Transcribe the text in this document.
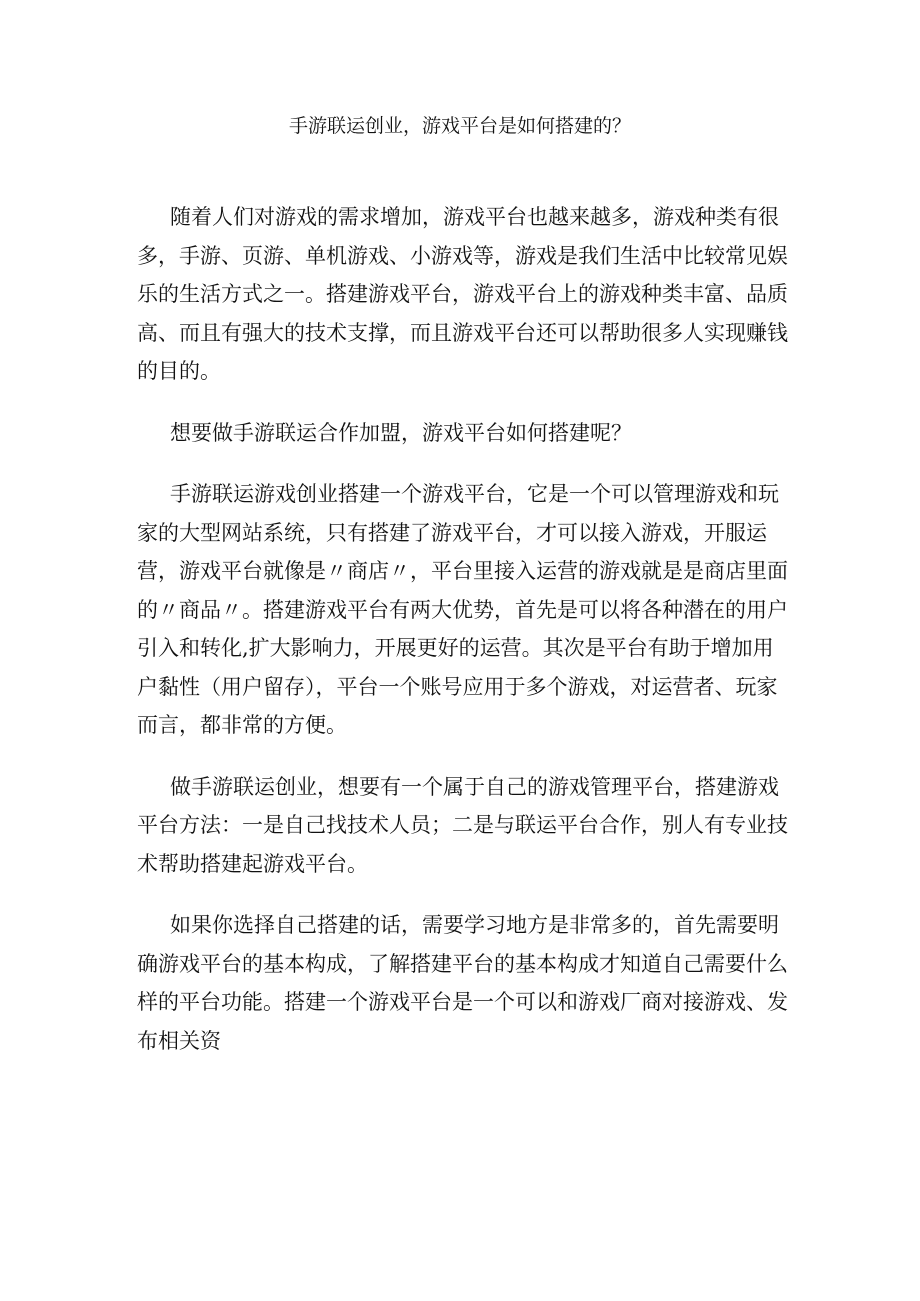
手游联运创业，游戏平台是如何搭建的？

随着人们对游戏的需求增加，游戏平台也越来越多，游戏种类有很多，手游、页游、单机游戏、小游戏等，游戏是我们生活中比较常见娱乐的生活方式之一。搭建游戏平台，游戏平台上的游戏种类丰富、品质高、而且有强大的技术支撑，而且游戏平台还可以帮助很多人实现赚钱的目的。

想要做手游联运合作加盟，游戏平台如何搭建呢？

手游联运游戏创业搭建一个游戏平台，它是一个可以管理游戏和玩家的大型网站系统，只有搭建了游戏平台，才可以接入游戏，开服运营，游戏平台就像是〃商店〃，平台里接入运营的游戏就是是商店里面的〃商品〃。搭建游戏平台有两大优势，首先是可以将各种潜在的用户引入和转化,扩大影响力，开展更好的运营。其次是平台有助于增加用户黏性（用户留存），平台一个账号应用于多个游戏，对运营者、玩家而言，都非常的方便。

做手游联运创业，想要有一个属于自己的游戏管理平台，搭建游戏平台方法：一是自己找技术人员；二是与联运平台合作，别人有专业技术帮助搭建起游戏平台。

如果你选择自己搭建的话，需要学习地方是非常多的，首先需要明确游戏平台的基本构成，了解搭建平台的基本构成才知道自己需要什么样的平台功能。搭建一个游戏平台是一个可以和游戏厂商对接游戏、发布相关资
